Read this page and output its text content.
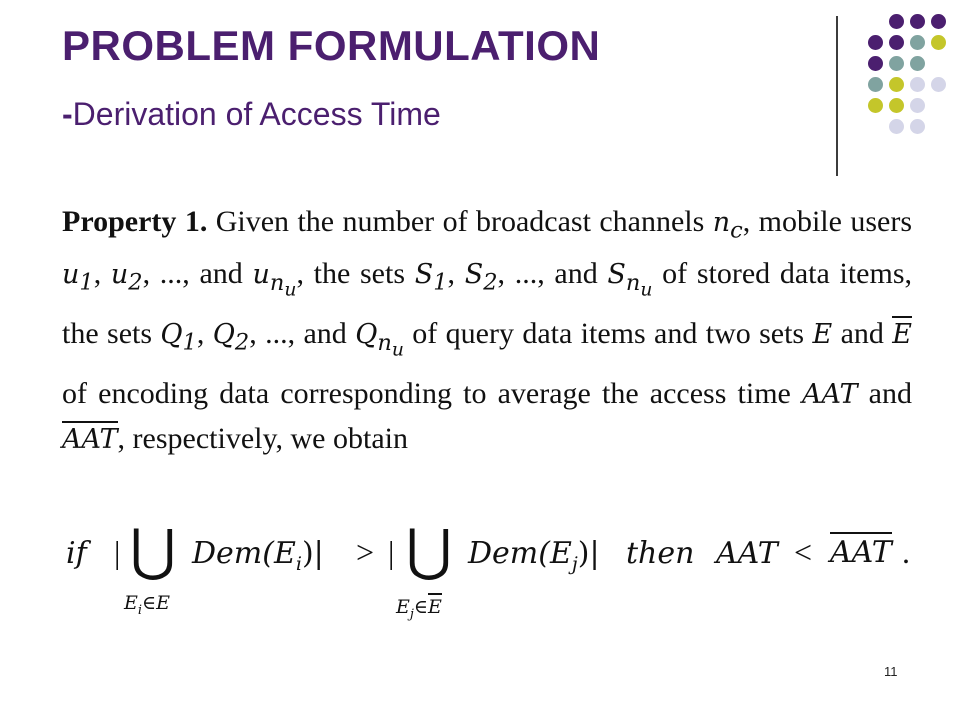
PROBLEM FORMULATION
-Derivation of Access Time
Property 1. Given the number of broadcast channels $n_c$, mobile users $u_1$, $u_2$, ..., and $u_{n_u}$, the sets $S_1$, $S_2$, ..., and $S_{n_u}$ of stored data items, the sets $Q_1$, $Q_2$, ..., and $Q_{n_u}$ of query data items and two sets E and E of encoding data corresponding to average the access time AAT and AAT, respectively, we obtain
if | ⋃ $Dem(E_i)|$ > | ⋃ $Dem(E_j)|$ then AAT < AAT .
$E_i\in E$	$E_j\in E$
11
